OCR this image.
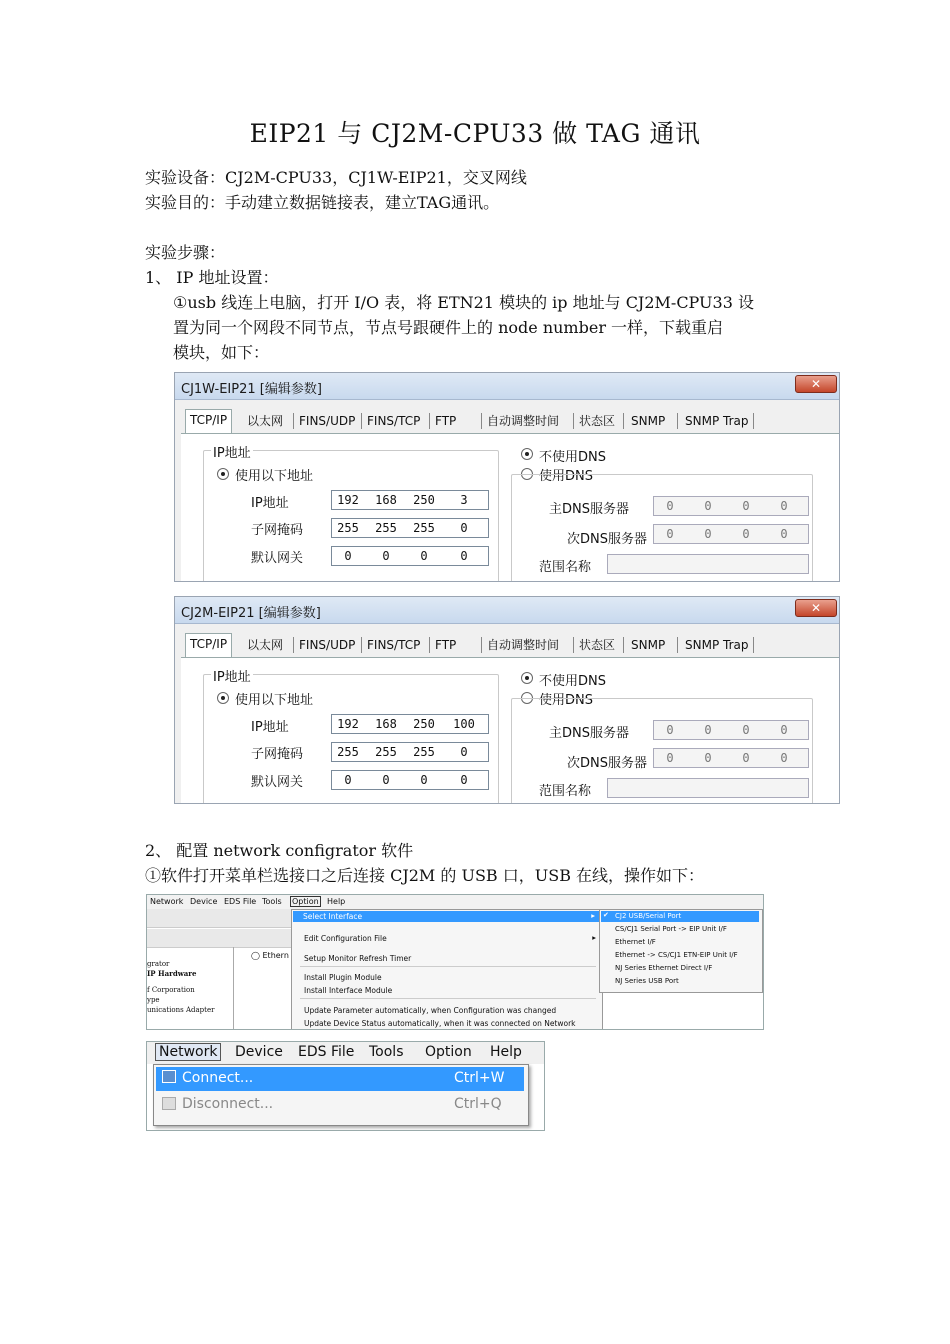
EIP21 与 CJ2M-CPU33 做 TAG 通讯
实验设备：CJ2M-CPU33，CJ1W-EIP21，交叉网线
实验目的：手动建立数据链接表，建立TAG通讯。
实验步骤：
1、 IP 地址设置：
①usb 线连上电脑，打开 I/O 表，将 ETN21 模块的 ip 地址与 CJ2M-CPU33 设
置为同一个网段不同节点，节点号跟硬件上的 node number 一样，下载重启
模块，如下：
CJ1W-EIP21 [编辑参数]	✕
TCP/IP	以太网 FINS/UDP FINS/TCP FTP	自动调整时间 状态区 SNMP SNMP Trap
IP地址
使用以下地址
IP地址	192 168 250	3
子网掩码	255 255 255	0
默认网关	0	0	0	0
不使用DNS
使用DNS
主DNS服务器	0	0	0	0
次DNS服务器	0	0	0	0
范围名称
CJ2M-EIP21 [编辑参数]	✕
TCP/IP	以太网 FINS/UDP FINS/TCP FTP	自动调整时间 状态区 SNMP SNMP Trap
IP地址
使用以下地址
IP地址	192 168 250 100
子网掩码	255 255 255	0
默认网关	0	0	0	0
不使用DNS
使用DNS
主DNS服务器	0	0	0	0
次DNS服务器	0	0	0	0
范围名称
2、 配置 network configrator 软件
①软件打开菜单栏选接口之后连接 CJ2M 的 USB 口，USB 在线，操作如下：
Network Device EDS File Tools Option Help
grator
IP Hardware
f Corporation
ype
unications Adapter
◯ Ethern
Select Interface	▸
Edit Configuration File	▸
Setup Monitor Refresh Timer
Install Plugin Module
Install Interface Module
Update Parameter automatically, when Configuration was changed
Update Device Status automatically, when it was connected on Network
✔ CJ2 USB/Serial Port
CS/CJ1 Serial Port -> EIP Unit I/F
Ethernet I/F
Ethernet -> CS/CJ1 ETN-EIP Unit I/F
NJ Series Ethernet Direct I/F
NJ Series USB Port
Network Device EDS File Tools Option Help
Connect...	Ctrl+W
Disconnect...	Ctrl+Q
